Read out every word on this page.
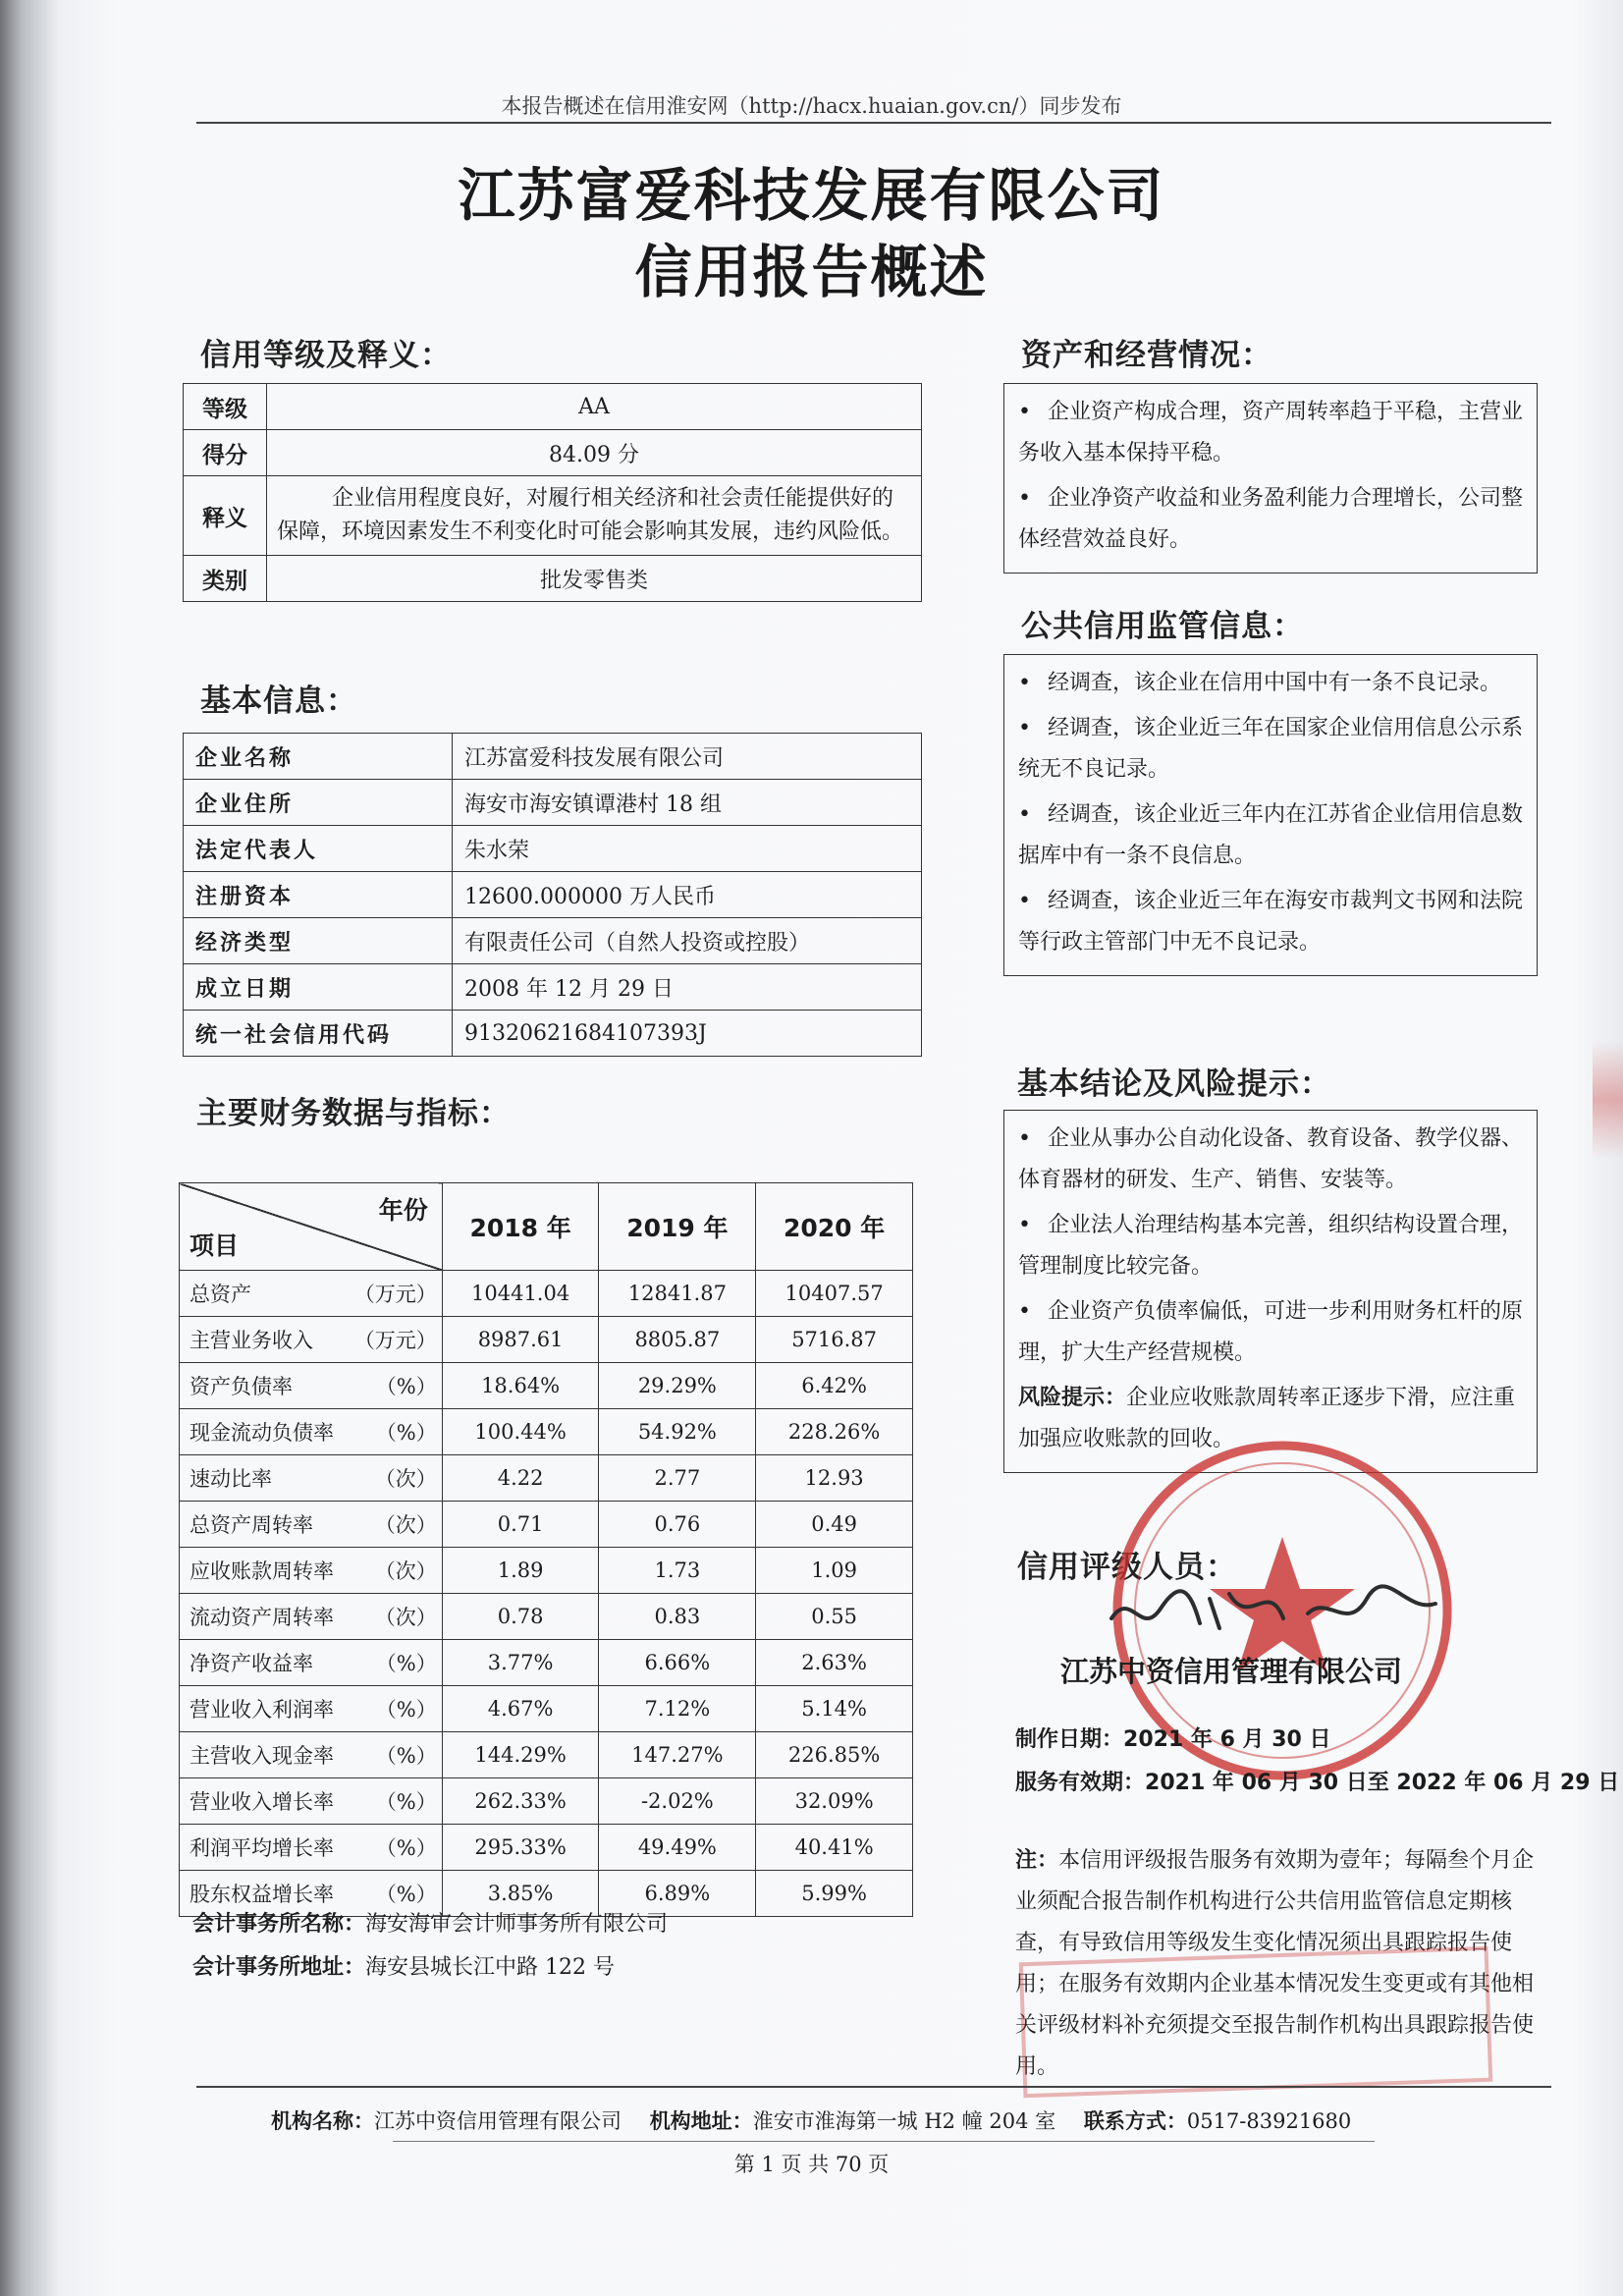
本报告概述在信用淮安网（http://hacx.huaian.gov.cn/）同步发布
江苏富爱科技发展有限公司
信用报告概述
信用等级及释义：
等级	AA
得分	84.09 分
释义	企业信用程度良好，对履行相关经济和社会责任能提供好的保障，环境因素发生不利变化时可能会影响其发展，违约风险低。
类别	批发零售类
基本信息：
企业名称	江苏富爱科技发展有限公司
企业住所	海安市海安镇谭港村 18 组
法定代表人	朱水荣
注册资本	12600.000000 万人民币
经济类型	有限责任公司（自然人投资或控股）
成立日期	2008 年 12 月 29 日
统一社会信用代码	91320621684107393J
主要财务数据与指标：
年份
项目	2018 年	2019 年	2020 年
总资产 （万元）	10441.04	12841.87	10407.57
主营业务收入 （万元）	8987.61	8805.87	5716.87
资产负债率 （%）	18.64%	29.29%	6.42%
现金流动负债率 （%）	100.44%	54.92%	228.26%
速动比率 （次）	4.22	2.77	12.93
总资产周转率 （次）	0.71	0.76	0.49
应收账款周转率 （次）	1.89	1.73	1.09
流动资产周转率 （次）	0.78	0.83	0.55
净资产收益率 （%）	3.77%	6.66%	2.63%
营业收入利润率 （%）	4.67%	7.12%	5.14%
主营收入现金率 （%）	144.29%	147.27%	226.85%
营业收入增长率 （%）	262.33%	-2.02%	32.09%
利润平均增长率 （%）	295.33%	49.49%	40.41%
股东权益增长率 （%）	3.85%	6.89%	5.99%
会计事务所名称：海安海审会计师事务所有限公司
会计事务所地址：海安县城长江中路 122 号
资产和经营情况：

• 企业资产构成合理，资产周转率趋于平稳，主营业务收入基本保持平稳。

• 企业净资产收益和业务盈利能力合理增长，公司整体经营效益良好。

公共信用监管信息：

• 经调查，该企业在信用中国中有一条不良记录。

• 经调查，该企业近三年在国家企业信用信息公示系统无不良记录。

• 经调查，该企业近三年内在江苏省企业信用信息数据库中有一条不良信息。

• 经调查，该企业近三年在海安市裁判文书网和法院等行政主管部门中无不良记录。

基本结论及风险提示：

• 企业从事办公自动化设备、教育设备、教学仪器、体育器材的研发、生产、销售、安装等。

• 企业法人治理结构基本完善，组织结构设置合理，管理制度比较完备。

• 企业资产负债率偏低，可进一步利用财务杠杆的原理，扩大生产经营规模。

风险提示：企业应收账款周转率正逐步下滑，应注重加强应收账款的回收。

信用评级人员：
江苏中资信用管理有限公司
制作日期：2021 年 6 月 30 日
服务有效期：2021 年 06 月 30 日至 2022 年 06 月 29 日
注：本信用评级报告服务有效期为壹年；每隔叁个月企业须配合报告制作机构进行公共信用监管信息定期核查，有导致信用等级发生变化情况须出具跟踪报告使用；在服务有效期内企业基本情况发生变更或有其他相关评级材料补充须提交至报告制作机构出具跟踪报告使用。
机构名称：江苏中资信用管理有限公司 机构地址：淮安市淮海第一城 H2 幢 204 室 联系方式：0517-83921680
第 1 页 共 70 页
